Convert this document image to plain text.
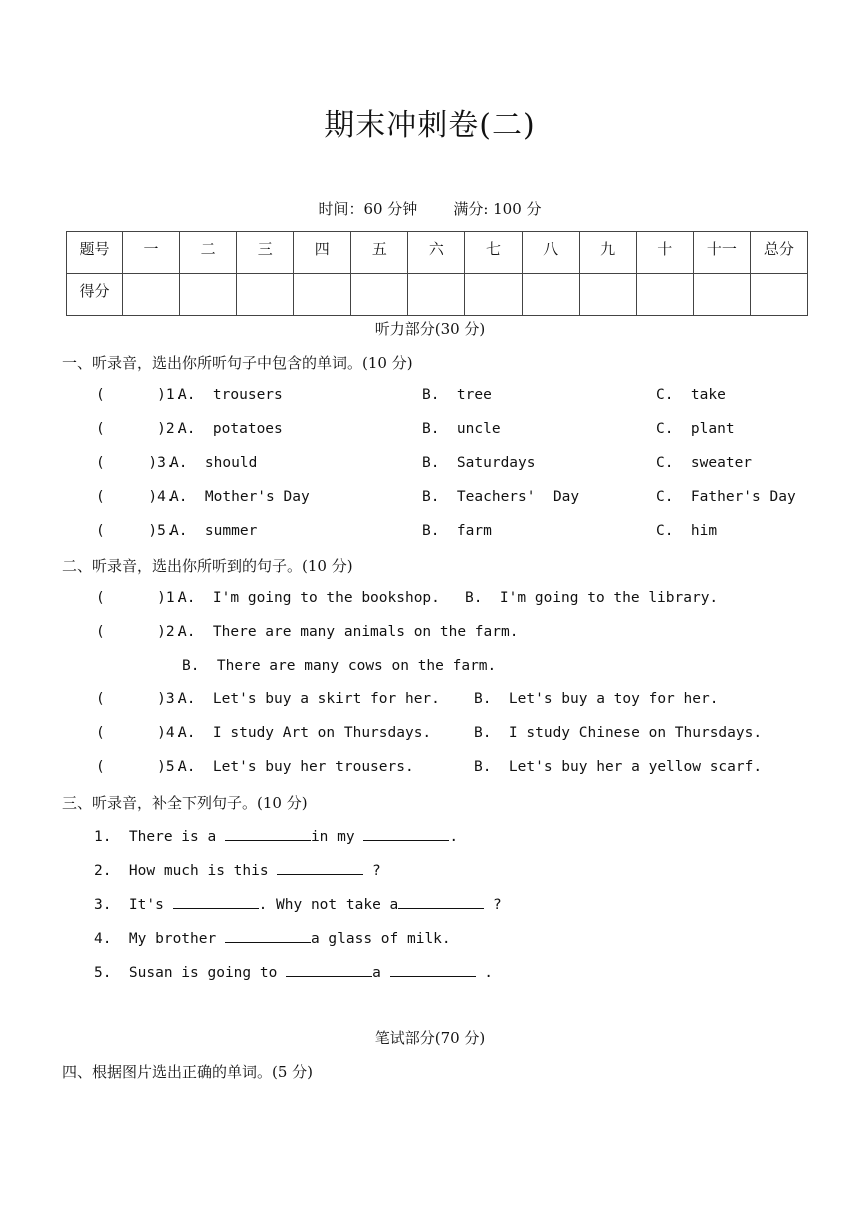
期末冲刺卷(二)
时间：60 分钟 满分: 100 分
题号	一	二	三	四	五	六	七	八	九	十	十一	总分
得分												
听力部分(30 分)
一、听录音，选出你所听句子中包含的单词。(10 分)
(      )1.
A.  trousers	B.  tree	C.  take
(      )2.
A.  potatoes	B.  uncle	C.  plant
(     )3.
A.  should	B.  Saturdays	C.  sweater
(     )4.
A.  Mother's Day	B.  Teachers'  Day	C.  Father's Day
(     )5.
A.  summer	B.  farm	C.  him
二、听录音，选出你所听到的句子。(10 分)
(      )1.
A.  I'm going to the bookshop. B.  I'm going to the library.
(      )2.
A.  There are many animals on the farm.
B.  There are many cows on the farm.
(      )3.
A.  Let's buy a skirt for her. B.  Let's buy a toy for her.
(      )4.
A.  I study Art on Thursdays.	B.  I study Chinese on Thursdays.
(      )5.
A.  Let's buy her trousers.	B.  Let's buy her a yellow scarf.
三、听录音，补全下列句子。(10 分)
1.  There is a	in my	.
2.  How much is this	?
3.  It's	. Why not take a	?
4.  My brother	a glass of milk.
5.  Susan is going to	a	.
笔试部分(70 分)
四、根据图片选出正确的单词。(5 分)
